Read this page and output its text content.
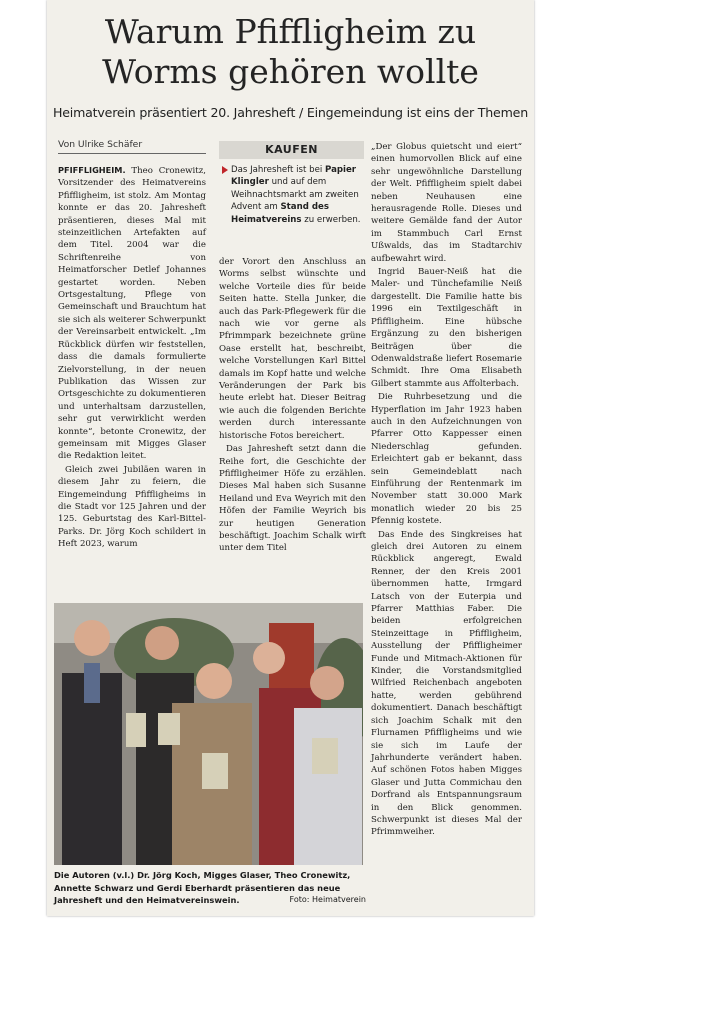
Warum Pfiffligheim zu
Worms gehören wollte
Heimatverein präsentiert 20. Jahresheft / Eingemeindung ist eins der Themen
Von Ulrike Schäfer

PFIFFLIGHEIM. Theo Cronewitz, Vorsitzender des Heimatvereins Pfiffligheim, ist stolz. Am Montag konnte er das 20. Jahresheft präsentieren, dieses Mal mit steinzeitlichen Artefakten auf dem Titel. 2004 war die Schriftenreihe von Heimatforscher Detlef Johannes gestartet worden. Neben Ortsgestaltung, Pflege von Gemeinschaft und Brauchtum hat sie sich als weiterer Schwerpunkt der Vereinsarbeit entwickelt. „Im Rückblick dürfen wir feststellen, dass die damals formulierte Zielvorstellung, in der neuen Publikation das Wissen zur Ortsgeschichte zu dokumentieren und unterhaltsam darzustellen, sehr gut verwirklicht werden konnte“, betonte Cronewitz, der gemeinsam mit Migges Glaser die Redaktion leitet.

Gleich zwei Jubiläen waren in diesem Jahr zu feiern, die Eingemeindung Pfiffligheims in die Stadt vor 125 Jahren und der 125. Geburtstag des Karl-Bittel-Parks. Dr. Jörg Koch schildert in Heft 2023, warum

KAUFEN
Das Jahresheft ist bei Papier Klingler und auf dem Weihnachtsmarkt am zweiten Advent am Stand des Heimatvereins zu erwerben.

der Vorort den Anschluss an Worms selbst wünschte und welche Vorteile dies für beide Seiten hatte. Stella Junker, die auch das Park-Pflegewerk für die nach wie vor gerne als Pfrimmpark bezeichnete grüne Oase erstellt hat, beschreibt, welche Vorstellungen Karl Bittel damals im Kopf hatte und welche Veränderungen der Park bis heute erlebt hat. Dieser Beitrag wie auch die folgenden Berichte werden durch interessante historische Fotos bereichert.

Das Jahresheft setzt dann die Reihe fort, die Geschichte der Pfiffligheimer Höfe zu erzählen. Dieses Mal haben sich Susanne Heiland und Eva Weyrich mit den Höfen der Familie Weyrich bis zur heutigen Generation beschäftigt. Joachim Schalk wirft unter dem Titel

„Der Globus quietscht und eiert“ einen humorvollen Blick auf eine sehr ungewöhnliche Darstellung der Welt. Pfiffligheim spielt dabei neben Neuhausen eine herausragende Rolle. Dieses und weitere Gemälde fand der Autor im Stammbuch Carl Ernst Ußwalds, das im Stadtarchiv aufbewahrt wird.

Ingrid Bauer-Neiß hat die Maler- und Tünchefamilie Neiß dargestellt. Die Familie hatte bis 1996 ein Textilgeschäft in Pfiffligheim. Eine hübsche Ergänzung zu den bisherigen Beiträgen über die Odenwaldstraße liefert Rosemarie Schmidt. Ihre Oma Elisabeth Gilbert stammte aus Affolterbach.

Die Ruhrbesetzung und die Hyperflation im Jahr 1923 haben auch in den Aufzeichnungen von Pfarrer Otto Kappesser einen Niederschlag gefunden. Erleichtert gab er bekannt, dass sein Gemeindeblatt nach Einführung der Rentenmark im November statt 30.000 Mark monatlich wieder 20 bis 25 Pfennig kostete.

Das Ende des Singkreises hat gleich drei Autoren zu einem Rückblick angeregt, Ewald Renner, der den Kreis 2001 übernommen hatte, Irmgard Latsch von der Euterpia und Pfarrer Matthias Faber. Die beiden erfolgreichen Steinzeittage in Pfiffligheim, Ausstellung der Pfiffligheimer Funde und Mitmach-Aktionen für Kinder, die Vorstandsmitglied Wilfried Reichenbach angeboten hatte, werden gebührend dokumentiert. Danach beschäftigt sich Joachim Schalk mit den Flurnamen Pfiffligheims und wie sie sich im Laufe der Jahrhunderte verändert haben. Auf schönen Fotos haben Migges Glaser und Jutta Commichau den Dorfrand als Entspannungsraum in den Blick genommen. Schwerpunkt ist dieses Mal der Pfrimmweiher.

Die Autoren (v.l.) Dr. Jörg Koch, Migges Glaser, Theo Cronewitz, Annette Schwarz und Gerdi Eberhardt präsentieren das neue Jahresheft und den Heimatvereinswein.	Foto: Heimatverein
